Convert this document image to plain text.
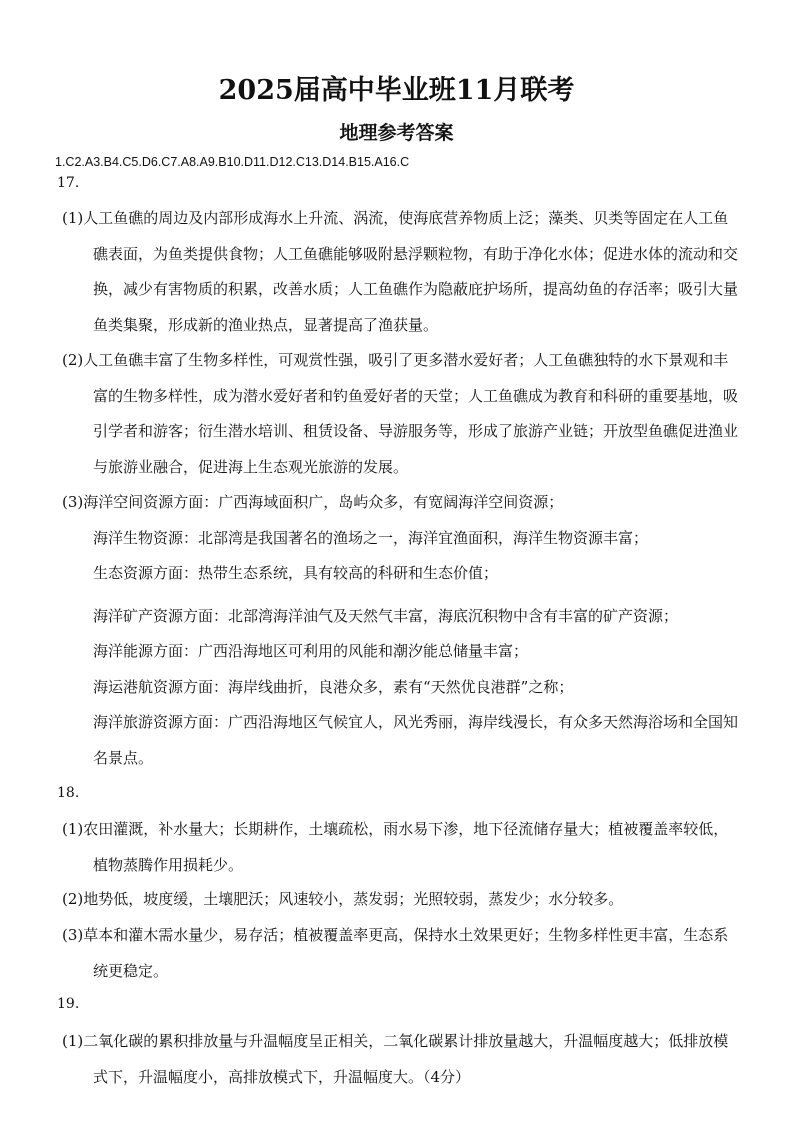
2025届高中毕业班11月联考
地理参考答案
1.C2.A3.B4.C5.D6.C7.A8.A9.B10.D11.D12.C13.D14.B15.A16.C
17.
(1)人工鱼礁的周边及内部形成海水上升流、涡流，使海底营养物质上泛；藻类、贝类等固定在人工鱼礁表面，为鱼类提供食物；人工鱼礁能够吸附悬浮颗粒物，有助于净化水体；促进水体的流动和交换，减少有害物质的积累，改善水质；人工鱼礁作为隐蔽庇护场所，提高幼鱼的存活率；吸引大量鱼类集聚，形成新的渔业热点，显著提高了渔获量。
(2)人工鱼礁丰富了生物多样性，可观赏性强，吸引了更多潜水爱好者；人工鱼礁独特的水下景观和丰富的生物多样性，成为潜水爱好者和钓鱼爱好者的天堂；人工鱼礁成为教育和科研的重要基地，吸引学者和游客；衍生潜水培训、租赁设备、导游服务等，形成了旅游产业链；开放型鱼礁促进渔业与旅游业融合，促进海上生态观光旅游的发展。
(3)海洋空间资源方面：广西海域面积广，岛屿众多，有宽阔海洋空间资源；
海洋生物资源：北部湾是我国著名的渔场之一，海洋宜渔面积，海洋生物资源丰富；
生态资源方面：热带生态系统，具有较高的科研和生态价值；
海洋矿产资源方面：北部湾海洋油气及天然气丰富，海底沉积物中含有丰富的矿产资源；
海洋能源方面：广西沿海地区可利用的风能和潮汐能总储量丰富；
海运港航资源方面：海岸线曲折，良港众多，素有“天然优良港群”之称；
海洋旅游资源方面：广西沿海地区气候宜人，风光秀丽，海岸线漫长，有众多天然海浴场和全国知名景点。
18.
(1)农田灌溉，补水量大；长期耕作，土壤疏松，雨水易下渗，地下径流储存量大；植被覆盖率较低，植物蒸腾作用损耗少。
(2)地势低，坡度缓，土壤肥沃；风速较小，蒸发弱；光照较弱，蒸发少；水分较多。
(3)草本和灌木需水量少，易存活；植被覆盖率更高，保持水土效果更好；生物多样性更丰富，生态系统更稳定。
19.
(1)二氧化碳的累积排放量与升温幅度呈正相关，二氧化碳累计排放量越大，升温幅度越大；低排放模式下，升温幅度小，高排放模式下，升温幅度大。（4分）
